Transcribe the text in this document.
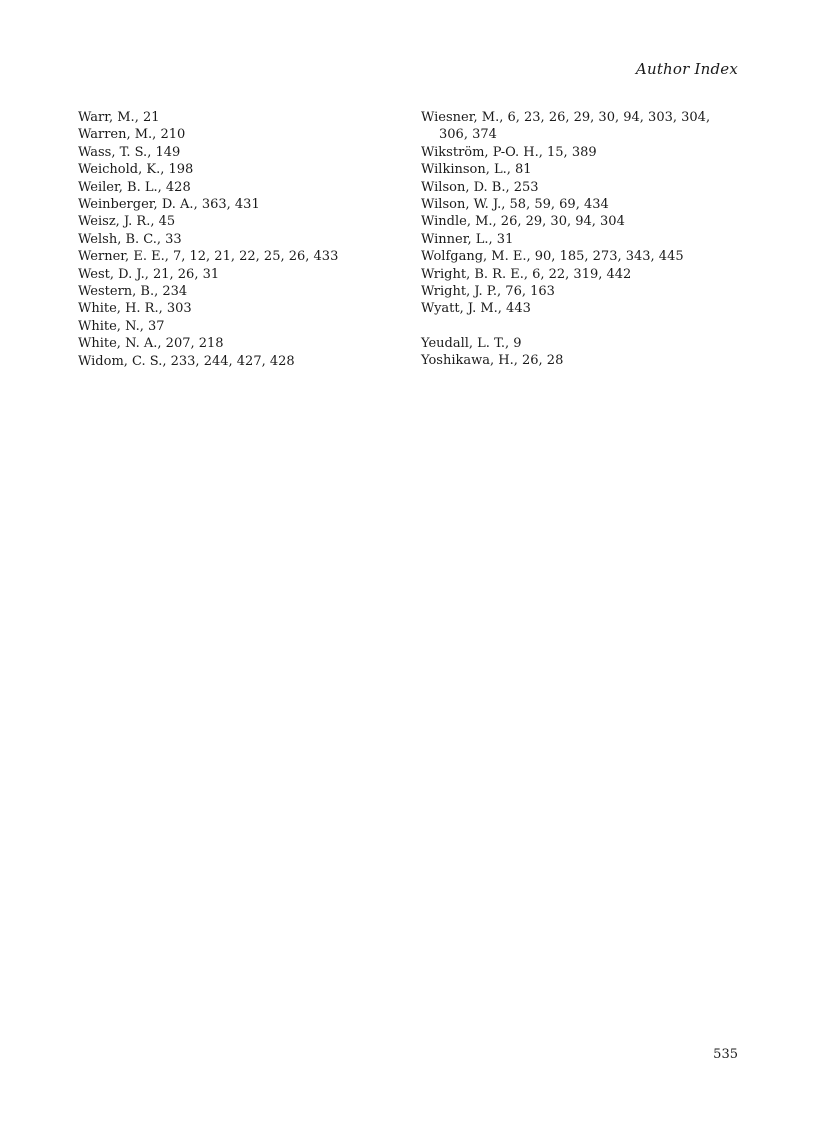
Author Index

Warr, M., 21

Warren, M., 210

Wass, T. S., 149

Weichold, K., 198

Weiler, B. L., 428

Weinberger, D. A., 363, 431

Weisz, J. R., 45

Welsh, B. C., 33

Werner, E. E., 7, 12, 21, 22, 25, 26, 433

West, D. J., 21, 26, 31

Western, B., 234

White, H. R., 303

White, N., 37

White, N. A., 207, 218

Widom, C. S., 233, 244, 427, 428

Wiesner, M., 6, 23, 26, 29, 30, 94, 303, 304, 306, 374

Wikström, P-O. H., 15, 389

Wilkinson, L., 81

Wilson, D. B., 253

Wilson, W. J., 58, 59, 69, 434

Windle, M., 26, 29, 30, 94, 304

Winner, L., 31

Wolfgang, M. E., 90, 185, 273, 343, 445

Wright, B. R. E., 6, 22, 319, 442

Wright, J. P., 76, 163

Wyatt, J. M., 443

Yeudall, L. T., 9

Yoshikawa, H., 26, 28

535
